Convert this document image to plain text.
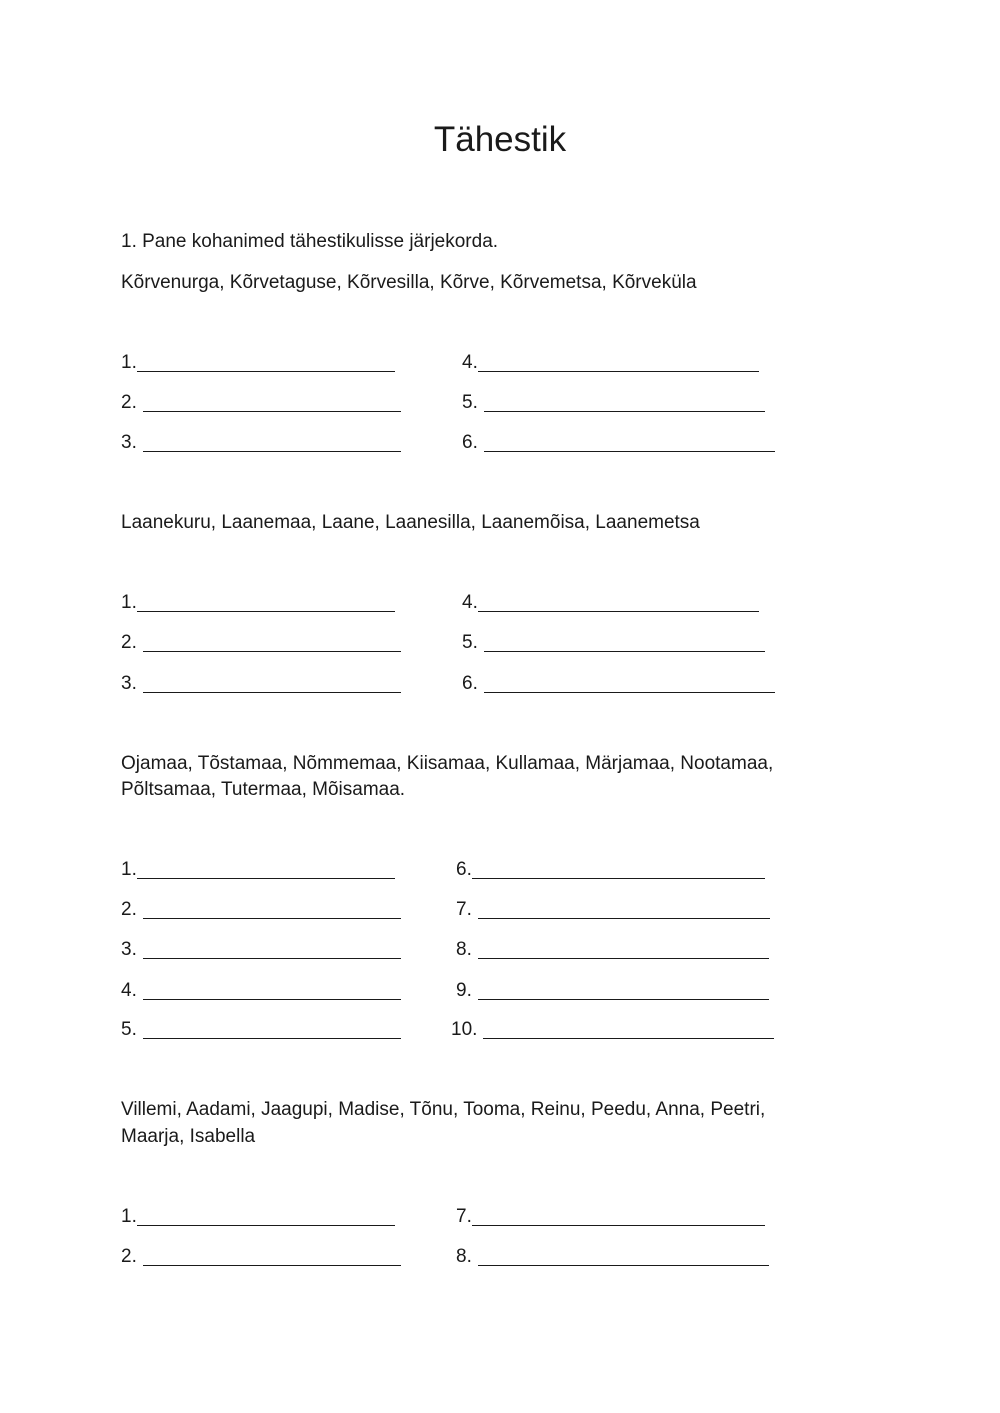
Tähestik
1. Pane kohanimed tähestikulisse järjekorda.
Kõrvenurga, Kõrvetaguse, Kõrvesilla, Kõrve, Kõrvemetsa, Kõrveküla
1.
2.
3.
4.
5.
6.
Laanekuru, Laanemaa, Laane, Laanesilla, Laanemõisa, Laanemetsa
1.
2.
3.
4.
5.
6.
Ojamaa, Tõstamaa, Nõmmemaa, Kiisamaa, Kullamaa, Märjamaa, Nootamaa,
Põltsamaa, Tutermaa, Mõisamaa.
1.
2.
3.
4.
5.
6.
7.
8.
9.
10.
Villemi, Aadami, Jaagupi, Madise, Tõnu, Tooma, Reinu, Peedu, Anna, Peetri,
Maarja, Isabella
1.
2.
7.
8.
